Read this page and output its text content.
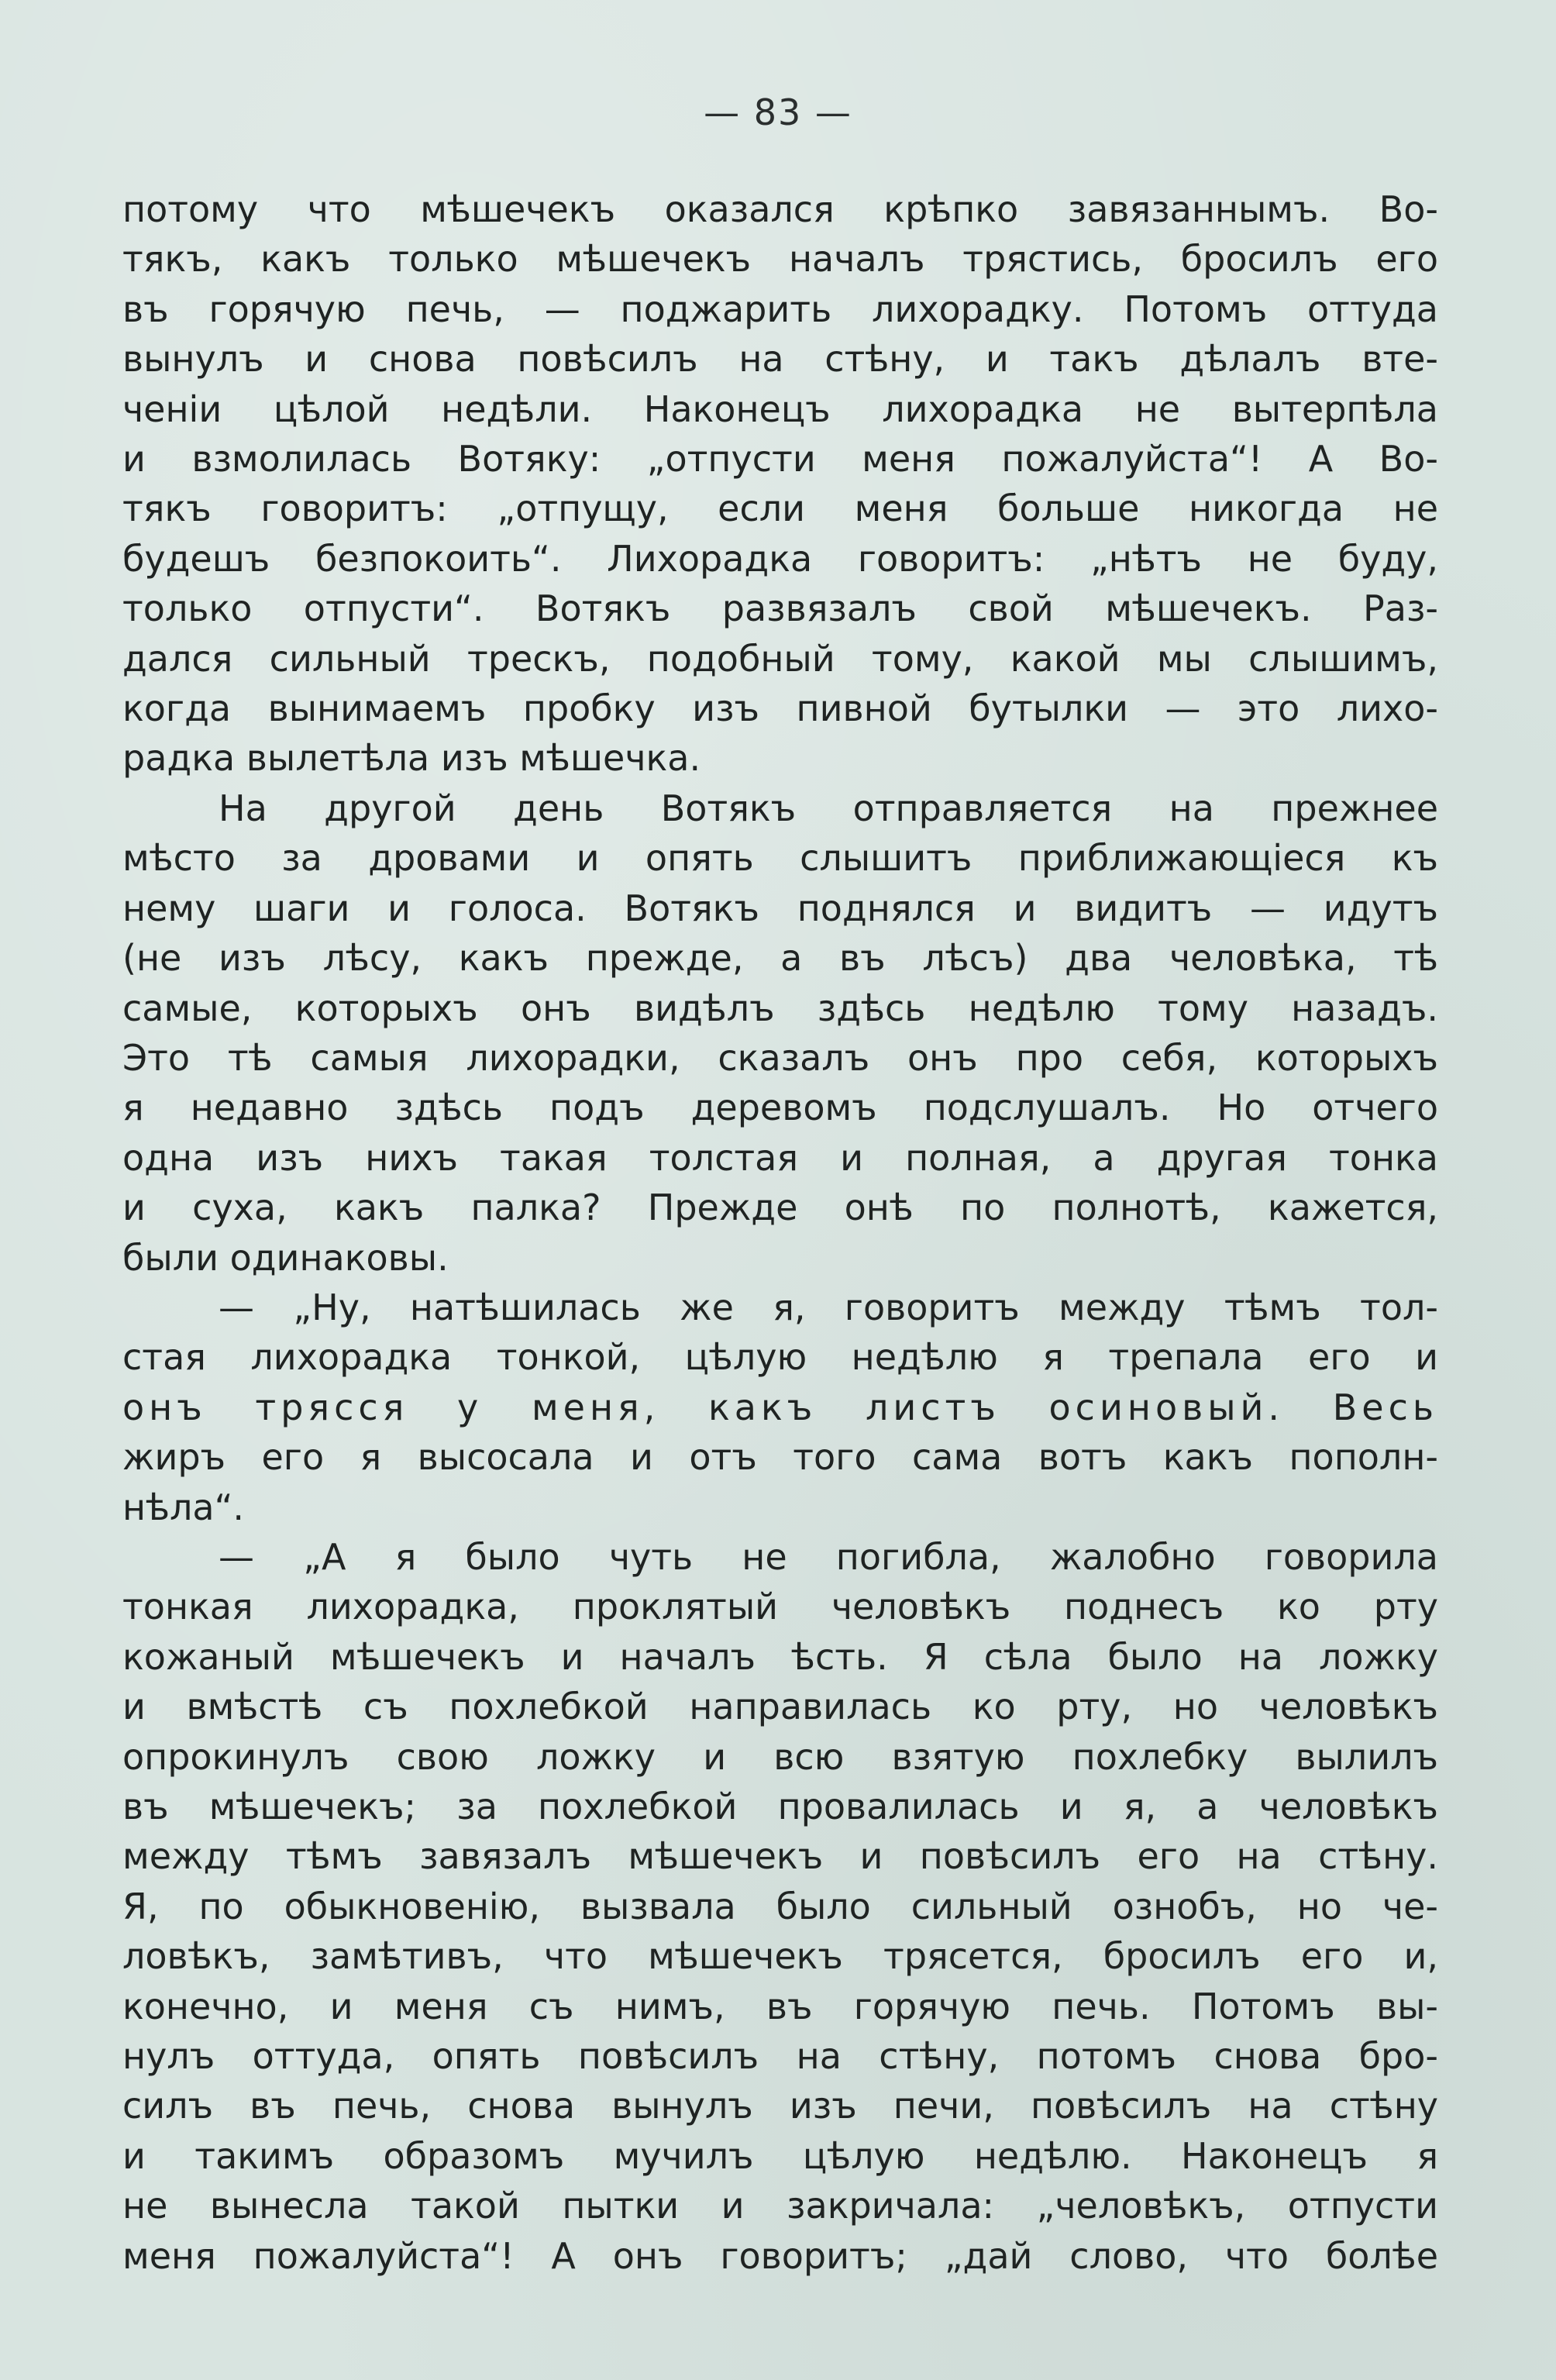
— 83 —
потому что мѣшечекъ оказался крѣпко завязаннымъ. Во-
тякъ, какъ только мѣшечекъ началъ трястись, бросилъ его
въ горячую печь, — поджарить лихорадку. Потомъ оттуда
вынулъ и снова повѣсилъ на стѣну, и такъ дѣлалъ вте-
ченіи цѣлой недѣли. Наконецъ лихорадка не вытерпѣла
и взмолилась Вотяку: „отпусти меня пожалуйста“! А Во-
тякъ говоритъ: „отпущу, если меня больше никогда не
будешъ безпокоить“. Лихорадка говоритъ: „нѣтъ не буду,
только отпусти“. Вотякъ развязалъ свой мѣшечекъ. Раз-
дался сильный трескъ, подобный тому, какой мы слышимъ,
когда вынимаемъ пробку изъ пивной бутылки — это лихо-
радка вылетѣла изъ мѣшечка.
На другой день Вотякъ отправляется на прежнее
мѣсто за дровами и опять слышитъ приближающіеся къ
нему шаги и голоса. Вотякъ поднялся и видитъ — идутъ
(не изъ лѣсу, какъ прежде, а въ лѣсъ) два человѣка, тѣ
самые, которыхъ онъ видѣлъ здѣсь недѣлю тому назадъ.
Это тѣ самыя лихорадки, сказалъ онъ про себя, которыхъ
я недавно здѣсь подъ деревомъ подслушалъ. Но отчего
одна изъ нихъ такая толстая и полная, а другая тонка
и суха, какъ палка? Прежде онѣ по полнотѣ, кажется,
были одинаковы.
— „Ну, натѣшилась же я, говоритъ между тѣмъ тол-
стая лихорадка тонкой, цѣлую недѣлю я трепала его и
онъ трясся у меня, какъ листъ осиновый. Весь
жиръ его я высосала и отъ того сама вотъ какъ пополн-
нѣла“.
— „А я было чуть не погибла, жалобно говорила
тонкая лихорадка, проклятый человѣкъ поднесъ ко рту
кожаный мѣшечекъ и началъ ѣсть. Я сѣла было на ложку
и вмѣстѣ съ похлебкой направилась ко рту, но человѣкъ
опрокинулъ свою ложку и всю взятую похлебку вылилъ
въ мѣшечекъ; за похлебкой провалилась и я, а человѣкъ
между тѣмъ завязалъ мѣшечекъ и повѣсилъ его на стѣну.
Я, по обыкновенію, вызвала было сильный ознобъ, но че-
ловѣкъ, замѣтивъ, что мѣшечекъ трясется, бросилъ его и,
конечно, и меня съ нимъ, въ горячую печь. Потомъ вы-
нулъ оттуда, опять повѣсилъ на стѣну, потомъ снова бро-
силъ въ печь, снова вынулъ изъ печи, повѣсилъ на стѣну
и такимъ образомъ мучилъ цѣлую недѣлю. Наконецъ я
не вынесла такой пытки и закричала: „человѣкъ, отпусти
меня пожалуйста“! А онъ говоритъ; „дай слово, что болѣе
